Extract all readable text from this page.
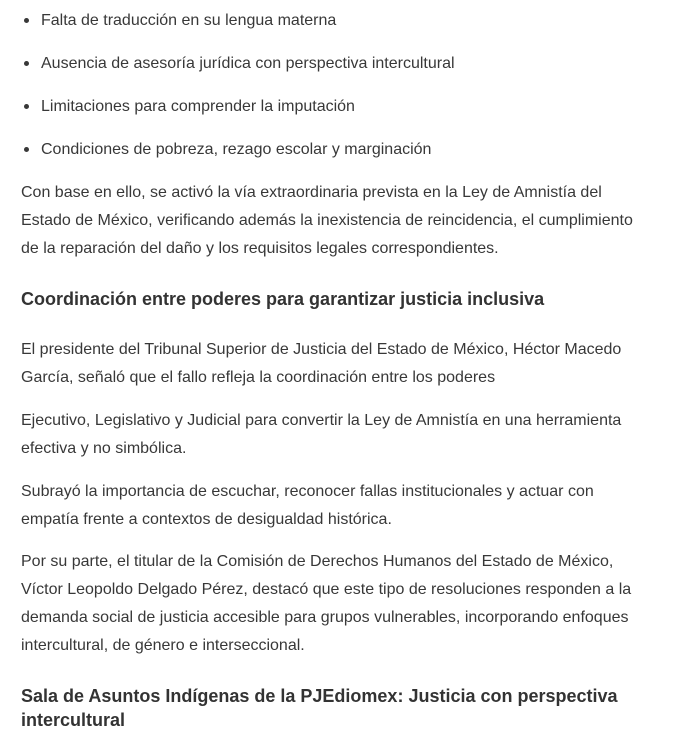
Falta de traducción en su lengua materna
Ausencia de asesoría jurídica con perspectiva intercultural
Limitaciones para comprender la imputación
Condiciones de pobreza, rezago escolar y marginación

Con base en ello, se activó la vía extraordinaria prevista en la Ley de Amnistía del Estado de México, verificando además la inexistencia de reincidencia, el cumplimiento de la reparación del daño y los requisitos legales correspondientes.

Coordinación entre poderes para garantizar justicia inclusiva

El presidente del Tribunal Superior de Justicia del Estado de México, Héctor Macedo García, señaló que el fallo refleja la coordinación entre los poderes

Ejecutivo, Legislativo y Judicial para convertir la Ley de Amnistía en una herramienta efectiva y no simbólica.

Subrayó la importancia de escuchar, reconocer fallas institucionales y actuar con empatía frente a contextos de desigualdad histórica.

Por su parte, el titular de la Comisión de Derechos Humanos del Estado de México, Víctor Leopoldo Delgado Pérez, destacó que este tipo de resoluciones responden a la demanda social de justicia accesible para grupos vulnerables, incorporando enfoques intercultural, de género e interseccional.

Sala de Asuntos Indígenas de la PJEdiomex: Justicia con perspectiva intercultural
